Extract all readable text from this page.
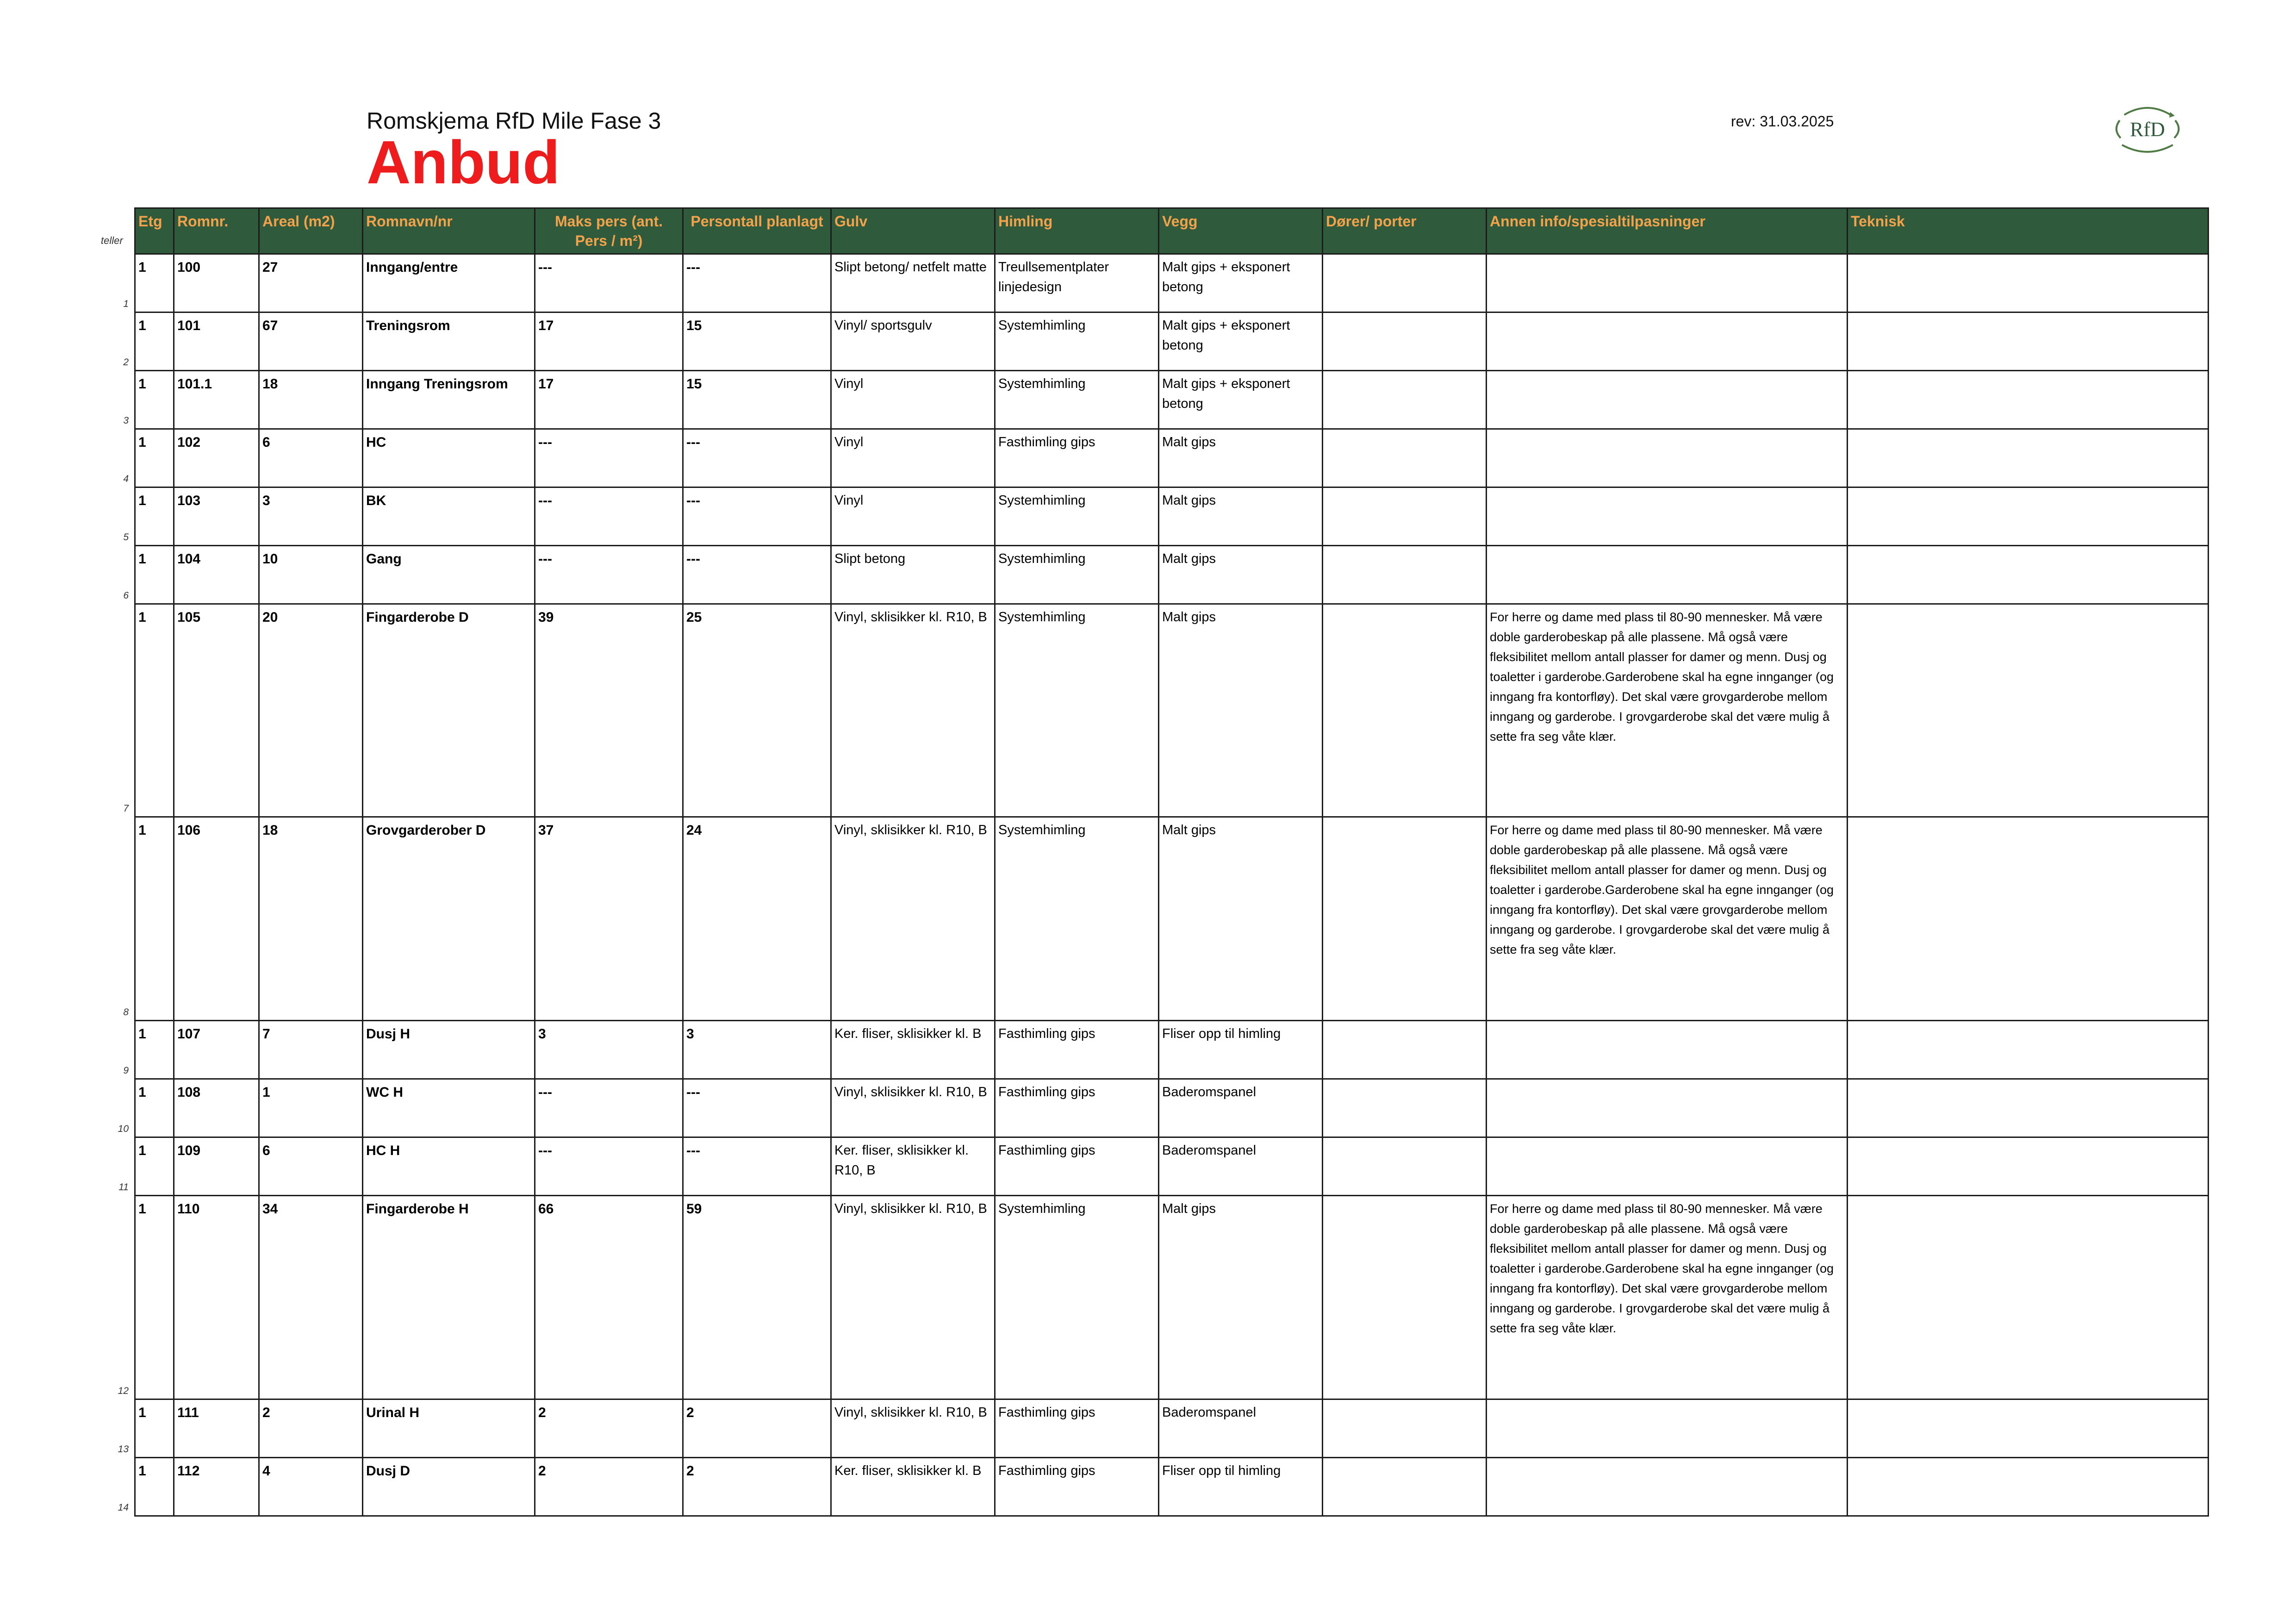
Romskjema RfD Mile Fase 3
Anbud
rev: 31.03.2025	RfD
teller
Etg	Romnr.	Areal (m2)	Romnavn/nr	Maks pers (ant. Pers / m²)	Persontall planlagt	Gulv	Himling	Vegg	Dører/ porter	Annen info/spesialtilpasninger	Teknisk
1	100	27	Inngang/entre	---	---	Slipt betong/ netfelt matte	Treullsementplater linjedesign	Malt gips + eksponert betong			
1	101	67	Treningsrom	17	15	Vinyl/ sportsgulv	Systemhimling	Malt gips + eksponert betong			
1	101.1	18	Inngang Treningsrom	17	15	Vinyl	Systemhimling	Malt gips + eksponert betong			
1	102	6	HC	---	---	Vinyl	Fasthimling gips	Malt gips			
1	103	3	BK	---	---	Vinyl	Systemhimling	Malt gips			
1	104	10	Gang	---	---	Slipt betong	Systemhimling	Malt gips			
1	105	20	Fingarderobe D	39	25	Vinyl, sklisikker kl. R10, B	Systemhimling	Malt gips		For herre og dame med plass til 80-90 mennesker. Må være doble garderobeskap på alle plassene. Må også være fleksibilitet mellom antall plasser for damer og menn. Dusj og toaletter i garderobe.Garderobene skal ha egne innganger (og inngang fra kontorfløy). Det skal være grovgarderobe mellom inngang og garderobe. I grovgarderobe skal det være mulig å sette fra seg våte klær.	
1	106	18	Grovgarderober D	37	24	Vinyl, sklisikker kl. R10, B	Systemhimling	Malt gips		For herre og dame med plass til 80-90 mennesker. Må være doble garderobeskap på alle plassene. Må også være fleksibilitet mellom antall plasser for damer og menn. Dusj og toaletter i garderobe.Garderobene skal ha egne innganger (og inngang fra kontorfløy). Det skal være grovgarderobe mellom inngang og garderobe. I grovgarderobe skal det være mulig å sette fra seg våte klær.	
1	107	7	Dusj H	3	3	Ker. fliser, sklisikker kl. B	Fasthimling gips	Fliser opp til himling			
1	108	1	WC H	---	---	Vinyl, sklisikker kl. R10, B	Fasthimling gips	Baderomspanel			
1	109	6	HC H	---	---	Ker. fliser, sklisikker kl. R10, B	Fasthimling gips	Baderomspanel			
1	110	34	Fingarderobe H	66	59	Vinyl, sklisikker kl. R10, B	Systemhimling	Malt gips		For herre og dame med plass til 80-90 mennesker. Må være doble garderobeskap på alle plassene. Må også være fleksibilitet mellom antall plasser for damer og menn. Dusj og toaletter i garderobe.Garderobene skal ha egne innganger (og inngang fra kontorfløy). Det skal være grovgarderobe mellom inngang og garderobe. I grovgarderobe skal det være mulig å sette fra seg våte klær.	
1	111	2	Urinal H	2	2	Vinyl, sklisikker kl. R10, B	Fasthimling gips	Baderomspanel			
1	112	4	Dusj D	2	2	Ker. fliser, sklisikker kl. B	Fasthimling gips	Fliser opp til himling			
1
2
3
4
5
6
7
8
9
10
11
12
13
14
